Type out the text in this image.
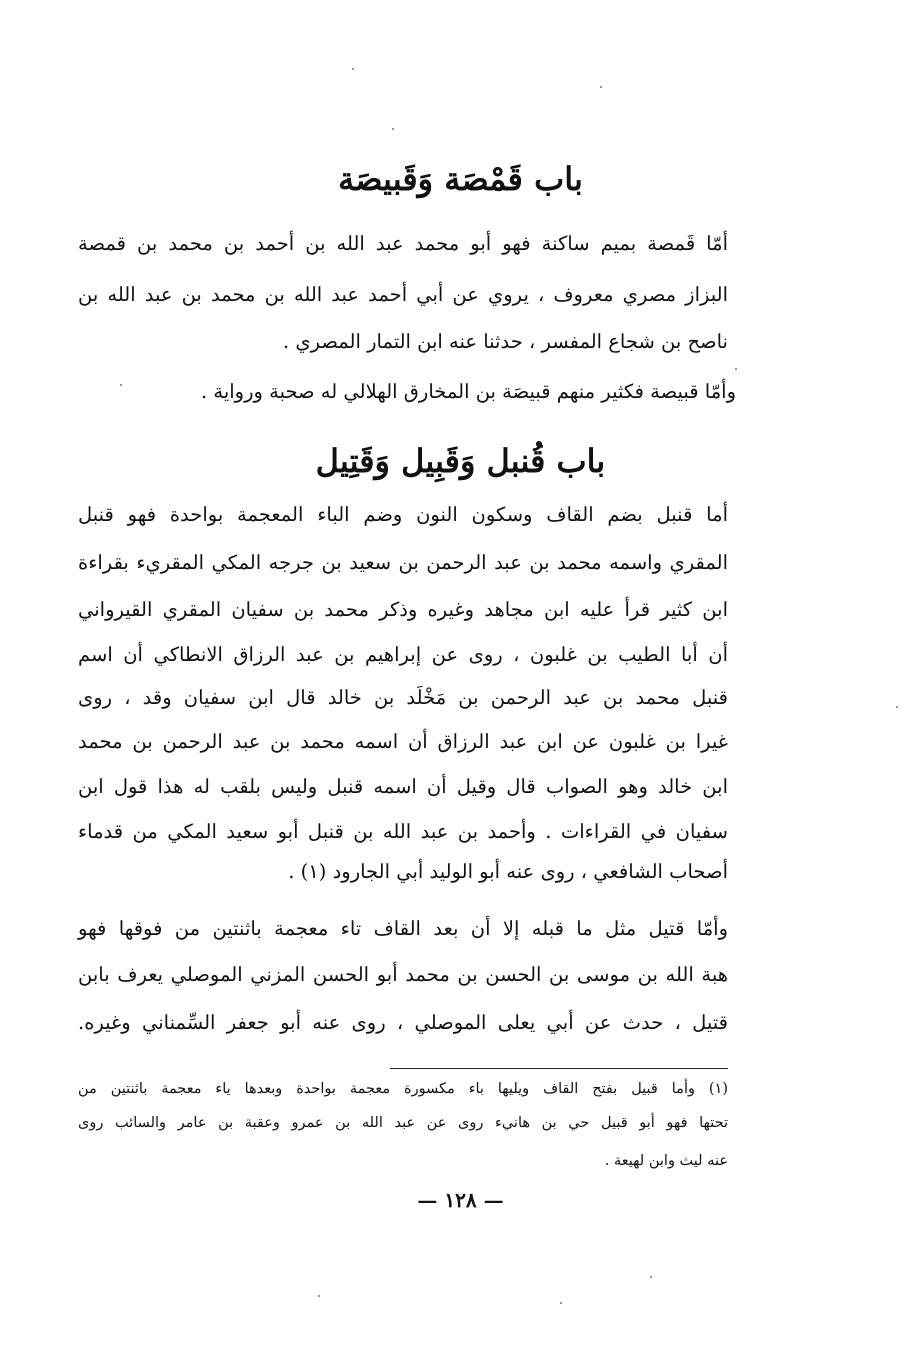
باب قَمْصَة وَقَبيصَة
أمّا قَمصة بميم ساكنة فهو أبو محمد عبد الله بن أحمد بن محمد بن قمصة
البزاز مصري معروف ، يروي عن أبي أحمد عبد الله بن محمد بن عبد الله بن
ناصح بن شجاع المفسر ، حدثنا عنه ابن التمار المصري .
وأمّا قبيصة فكثير منهم قبيصَة بن المخارق الهلالي له صحبة ورواية .
باب قُنبل وَقَبِيل وَقَتِيل
أما قنبل بضم القاف وسكون النون وضم الباء المعجمة بواحدة فهو قنبل
المقري واسمه محمد بن عبد الرحمن بن سعيد بن جرجه المكي المقريء بقراءة
ابن كثير قرأ عليه ابن مجاهد وغيره وذكر محمد بن سفيان المقري القيرواني
أن أبا الطيب بن غلبون ، روى عن إبراهيم بن عبد الرزاق الانطاكي أن اسم
قنبل محمد بن عبد الرحمن بن مَخْلَد بن خالد قال ابن سفيان وقد ، روى
غيرا بن غلبون عن ابن عبد الرزاق أن اسمه محمد بن عبد الرحمن بن محمد
ابن خالد وهو الصواب قال وقيل أن اسمه قنبل وليس بلقب له هذا قول ابن
سفيان في القراءات . وأحمد بن عبد الله بن قنبل أبو سعيد المكي من قدماء
أصحاب الشافعي ، روى عنه أبو الوليد أبي الجارود (١) .
وأمّا قتيل مثل ما قبله إلا أن بعد القاف تاء معجمة باثنتين من فوقها فهو
هبة الله بن موسى بن الحسن بن محمد أبو الحسن المزني الموصلي يعرف بابن
قتيل ، حدث عن أبي يعلى الموصلي ، روى عنه أبو جعفر السِّمناني وغيره.
(١) وأما قبيل بفتح القاف ويليها باء مكسورة معجمة بواحدة وبعدها ياء معجمة باثنتين من
تحتها فهو أبو قبيل حي بن هانيء روى عن عبد الله بن عمرو وعقبة بن عامر والسائب روى
عنه ليث وابن لهيعة .
— ١٢٨ —
